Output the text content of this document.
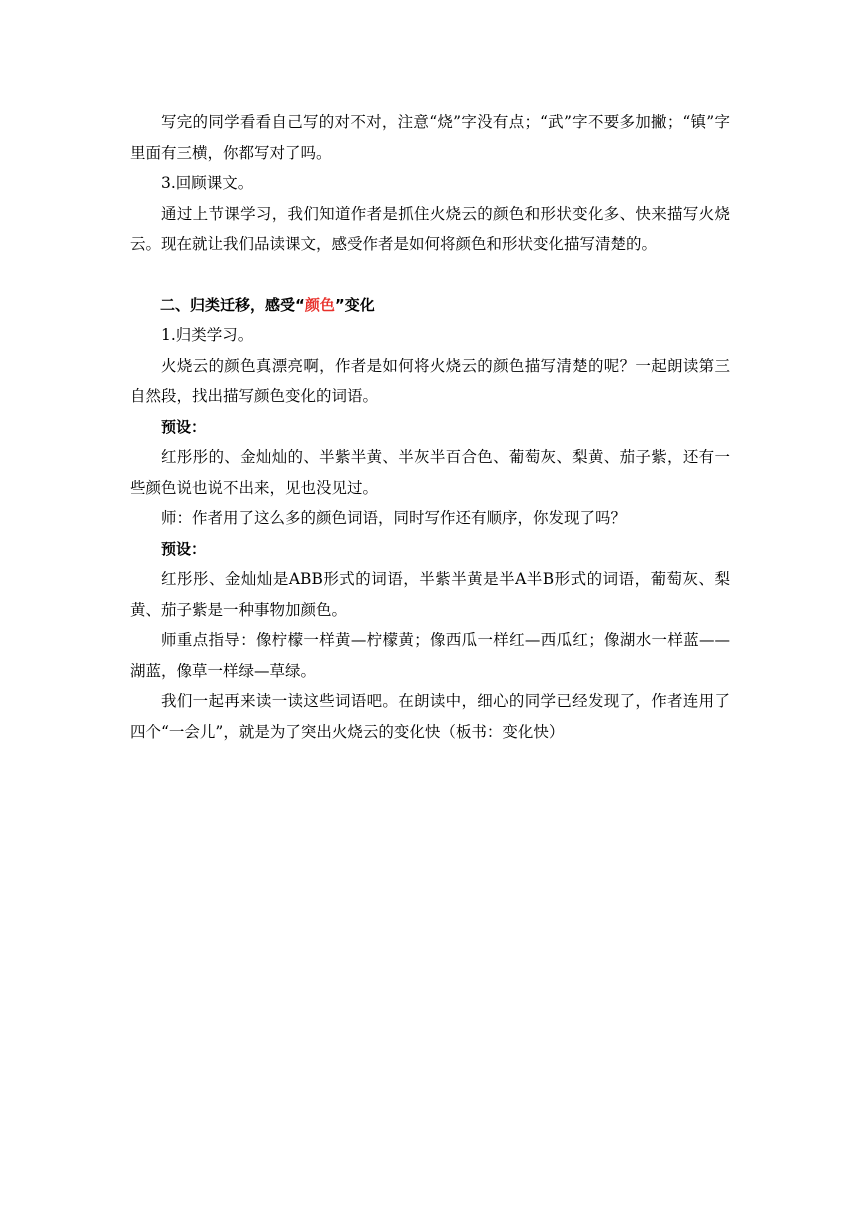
写完的同学看看自己写的对不对，注意“烧”字没有点；“武”字不要多加撇；“镇”字里面有三横，你都写对了吗。

3.回顾课文。

通过上节课学习，我们知道作者是抓住火烧云的颜色和形状变化多、快来描写火烧云。现在就让我们品读课文，感受作者是如何将颜色和形状变化描写清楚的。

二、归类迁移，感受“颜色”变化

1.归类学习。

火烧云的颜色真漂亮啊，作者是如何将火烧云的颜色描写清楚的呢？一起朗读第三自然段，找出描写颜色变化的词语。

预设：

红彤彤的、金灿灿的、半紫半黄、半灰半百合色、葡萄灰、梨黄、茄子紫，还有一些颜色说也说不出来，见也没见过。

师：作者用了这么多的颜色词语，同时写作还有顺序，你发现了吗？

预设：

红彤彤、金灿灿是ABB形式的词语，半紫半黄是半A半B形式的词语，葡萄灰、梨黄、茄子紫是一种事物加颜色。

师重点指导：像柠檬一样黄—柠檬黄；像西瓜一样红—西瓜红；像湖水一样蓝——湖蓝，像草一样绿—草绿。

我们一起再来读一读这些词语吧。在朗读中，细心的同学已经发现了，作者连用了四个“一会儿”，就是为了突出火烧云的变化快（板书：变化快）
